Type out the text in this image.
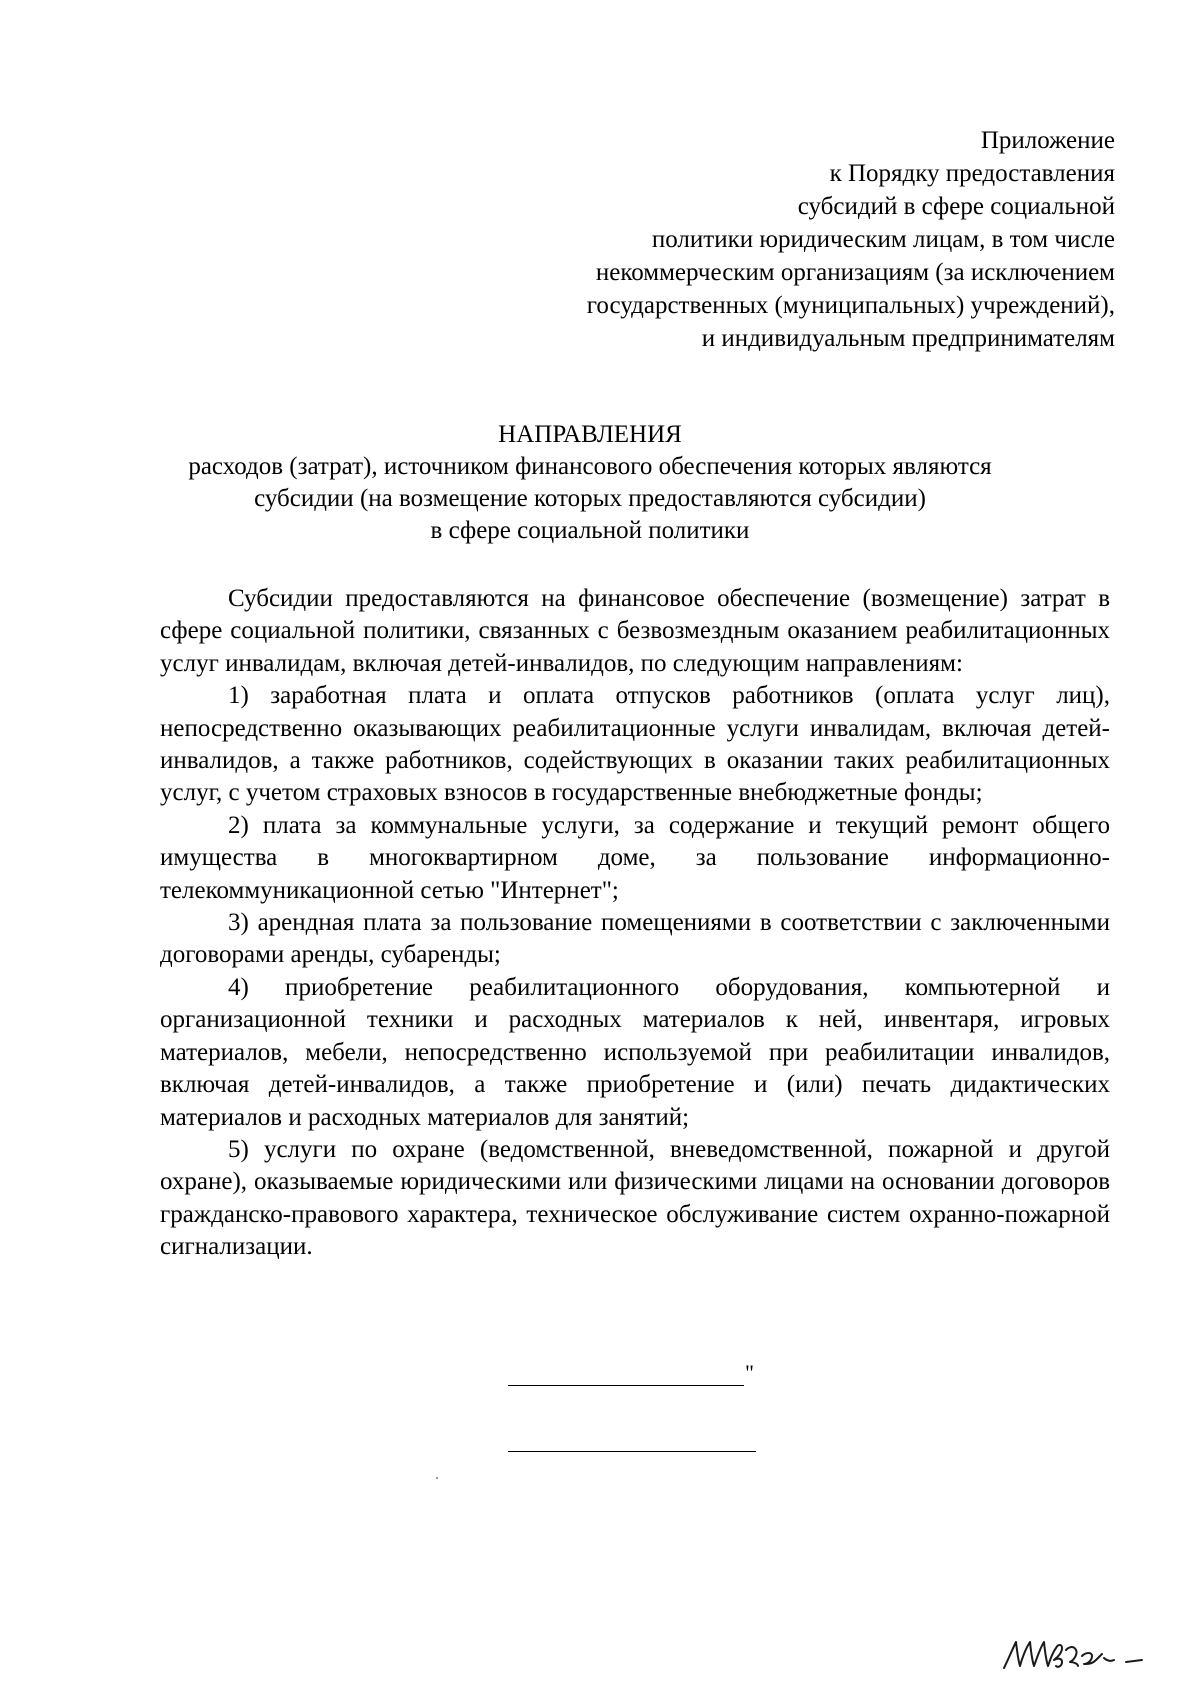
Приложение
к Порядку предоставления
субсидий в сфере социальной
политики юридическим лицам, в том числе
некоммерческим организациям (за исключением
государственных (муниципальных) учреждений),
и индивидуальным предпринимателям
НАПРАВЛЕНИЯ
расходов (затрат), источником финансового обеспечения которых являются
субсидии (на возмещение которых предоставляются субсидии)
в сфере социальной политики

Субсидии предоставляются на финансовое обеспечение (возмещение) затрат в сфере социальной политики, связанных с безвозмездным оказанием реабилитационных услуг инвалидам, включая детей-инвалидов, по следующим направлениям:

1) заработная плата и оплата отпусков работников (оплата услуг лиц), непосредственно оказывающих реабилитационные услуги инвалидам, включая детей-инвалидов, а также работников, содействующих в оказании таких реабилитационных услуг, с учетом страховых взносов в государственные внебюджетные фонды;

2) плата за коммунальные услуги, за содержание и текущий ремонт общего имущества в многоквартирном доме, за пользование информационно-телекоммуникационной сетью "Интернет";

3) арендная плата за пользование помещениями в соответствии с заключенными договорами аренды, субаренды;

4) приобретение реабилитационного оборудования, компьютерной и организационной техники и расходных материалов к ней, инвентаря, игровых материалов, мебели, непосредственно используемой при реабилитации инвалидов, включая детей-инвалидов, а также приобретение и (или) печать дидактических материалов и расходных материалов для занятий;

5) услуги по охране (ведомственной, вневедомственной, пожарной и другой охране), оказываемые юридическими или физическими лицами на основании договоров гражданско-правового характера, техническое обслуживание систем охранно-пожарной сигнализации.

"
